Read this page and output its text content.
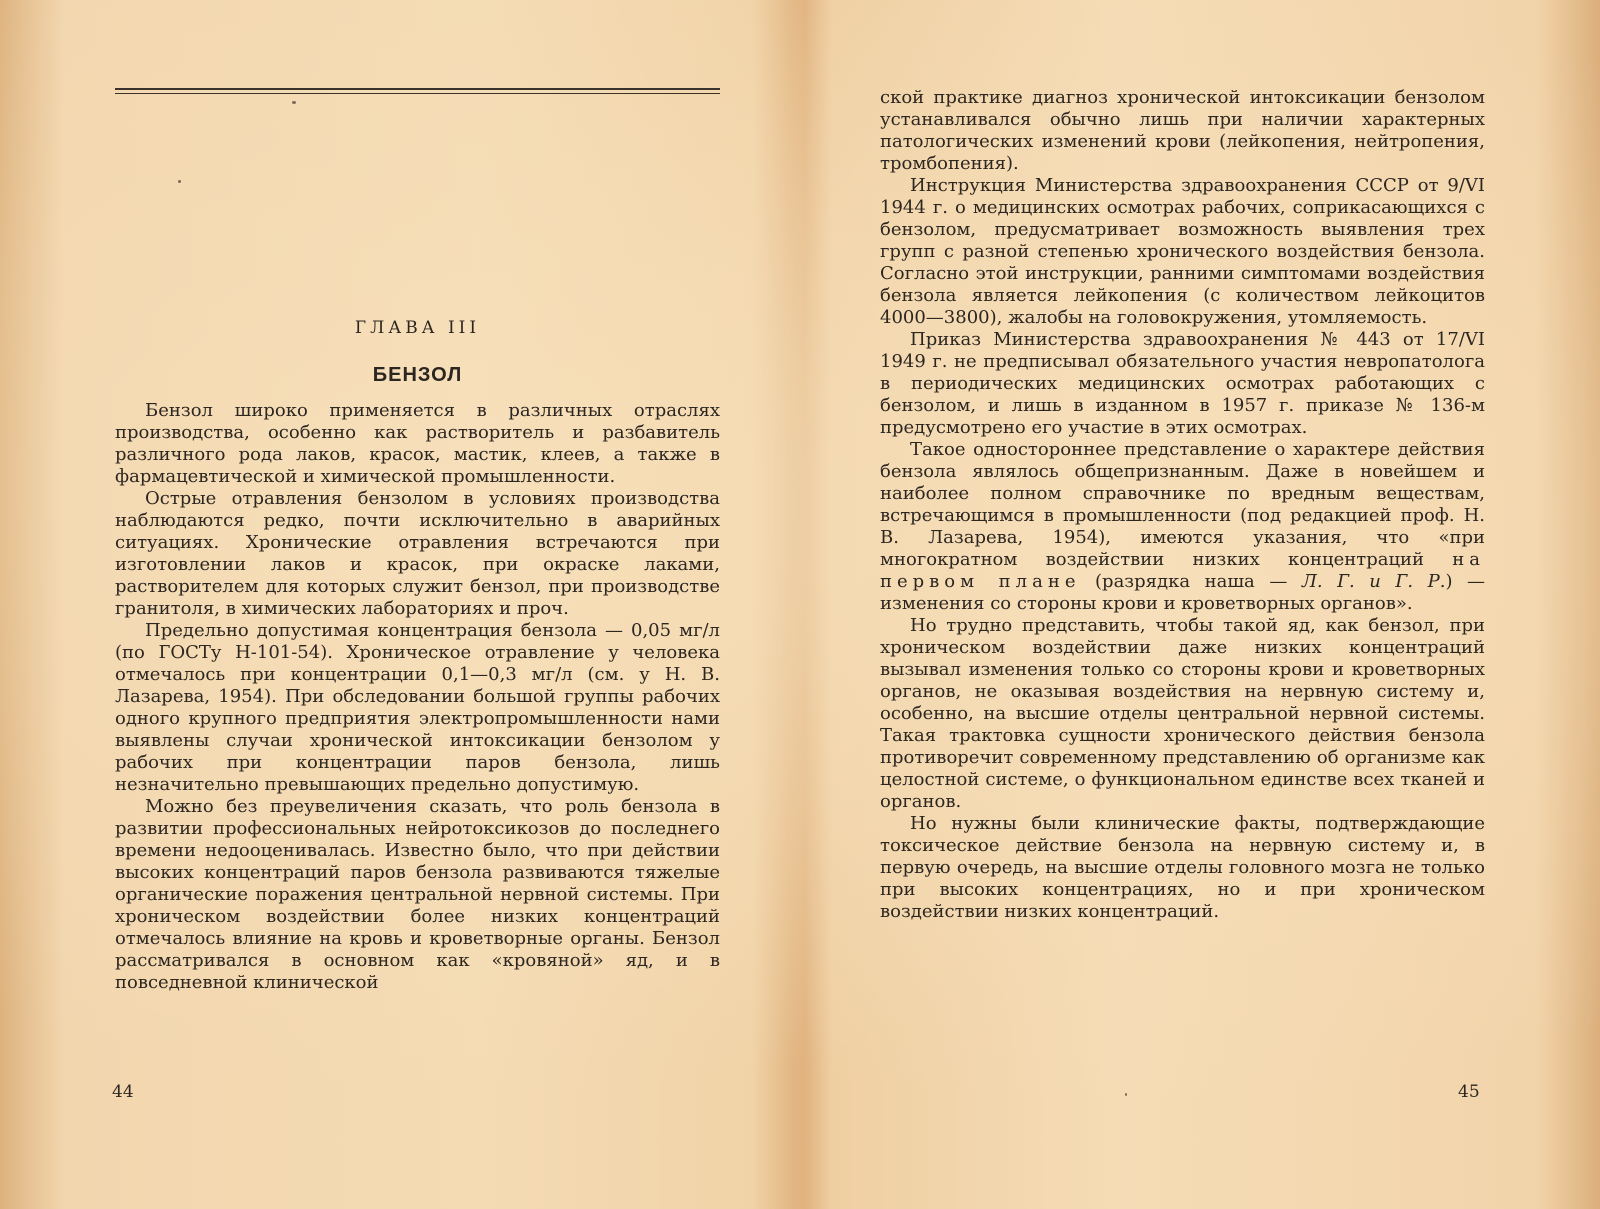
ГЛАВА III
БЕНЗОЛ

Бензол широко применяется в различных отраслях производства, особенно как растворитель и разбавитель различного рода лаков, красок, мастик, клеев, а также в фармацевтической и химической промышленности.

Острые отравления бензолом в условиях производства наблюдаются редко, почти исключительно в аварийных ситуациях. Хронические отравления встречаются при изготовлении лаков и красок, при окраске лаками, растворителем для которых служит бензол, при производстве гранитоля, в химических лабораториях и проч.

Предельно допустимая концентрация бензола — 0,05 мг/л (по ГОСТу Н-101-54). Хроническое отравление у человека отмечалось при концентрации 0,1—0,3 мг/л (см. у Н. В. Лазарева, 1954). При обследовании большой группы рабочих одного крупного предприятия электропромышленности нами выявлены случаи хронической интоксикации бензолом у рабочих при концентрации паров бензола, лишь незначительно превышающих предельно допустимую.

Можно без преувеличения сказать, что роль бензола в развитии профессиональных нейротоксикозов до последнего времени недооценивалась. Известно было, что при действии высоких концентраций паров бензола развиваются тяжелые органические поражения центральной нервной системы. При хроническом воздействии более низких концентраций отмечалось влияние на кровь и кроветворные органы. Бензол рассматривался в основном как «кровяной» яд, и в повседневной клинической

44

ской практике диагноз хронической интоксикации бензолом устанавливался обычно лишь при наличии характерных патологических изменений крови (лейкопения, нейтропения, тромбопения).

Инструкция Министерства здравоохранения СССР от 9/VI 1944 г. о медицинских осмотрах рабочих, соприкасающихся с бензолом, предусматривает возможность выявления трех групп с разной степенью хронического воздействия бензола. Согласно этой инструкции, ранними симптомами воздействия бензола является лейкопения (с количеством лейкоцитов 4000—3800), жалобы на головокружения, утомляемость.

Приказ Министерства здравоохранения № 443 от 17/VI 1949 г. не предписывал обязательного участия невропатолога в периодических медицинских осмотрах работающих с бензолом, и лишь в изданном в 1957 г. приказе № 136-м предусмотрено его участие в этих осмотрах.

Такое одностороннее представление о характере действия бензола являлось общепризнанным. Даже в новейшем и наиболее полном справочнике по вредным веществам, встречающимся в промышленности (под редакцией проф. Н. В. Лазарева, 1954), имеются указания, что «при многократном воздействии низких концентраций на первом плане (разрядка наша — Л. Г. и Г. Р.) — изменения со стороны крови и кроветворных органов».

Но трудно представить, чтобы такой яд, как бензол, при хроническом воздействии даже низких концентраций вызывал изменения только со стороны крови и кроветворных органов, не оказывая воздействия на нервную систему и, особенно, на высшие отделы центральной нервной системы. Такая трактовка сущности хронического действия бензола противоречит современному представлению об организме как целостной системе, о функциональном единстве всех тканей и органов.

Но нужны были клинические факты, подтверждающие токсическое действие бензола на нервную систему и, в первую очередь, на высшие отделы головного мозга не только при высоких концентрациях, но и при хроническом воздействии низких концентраций.

45
